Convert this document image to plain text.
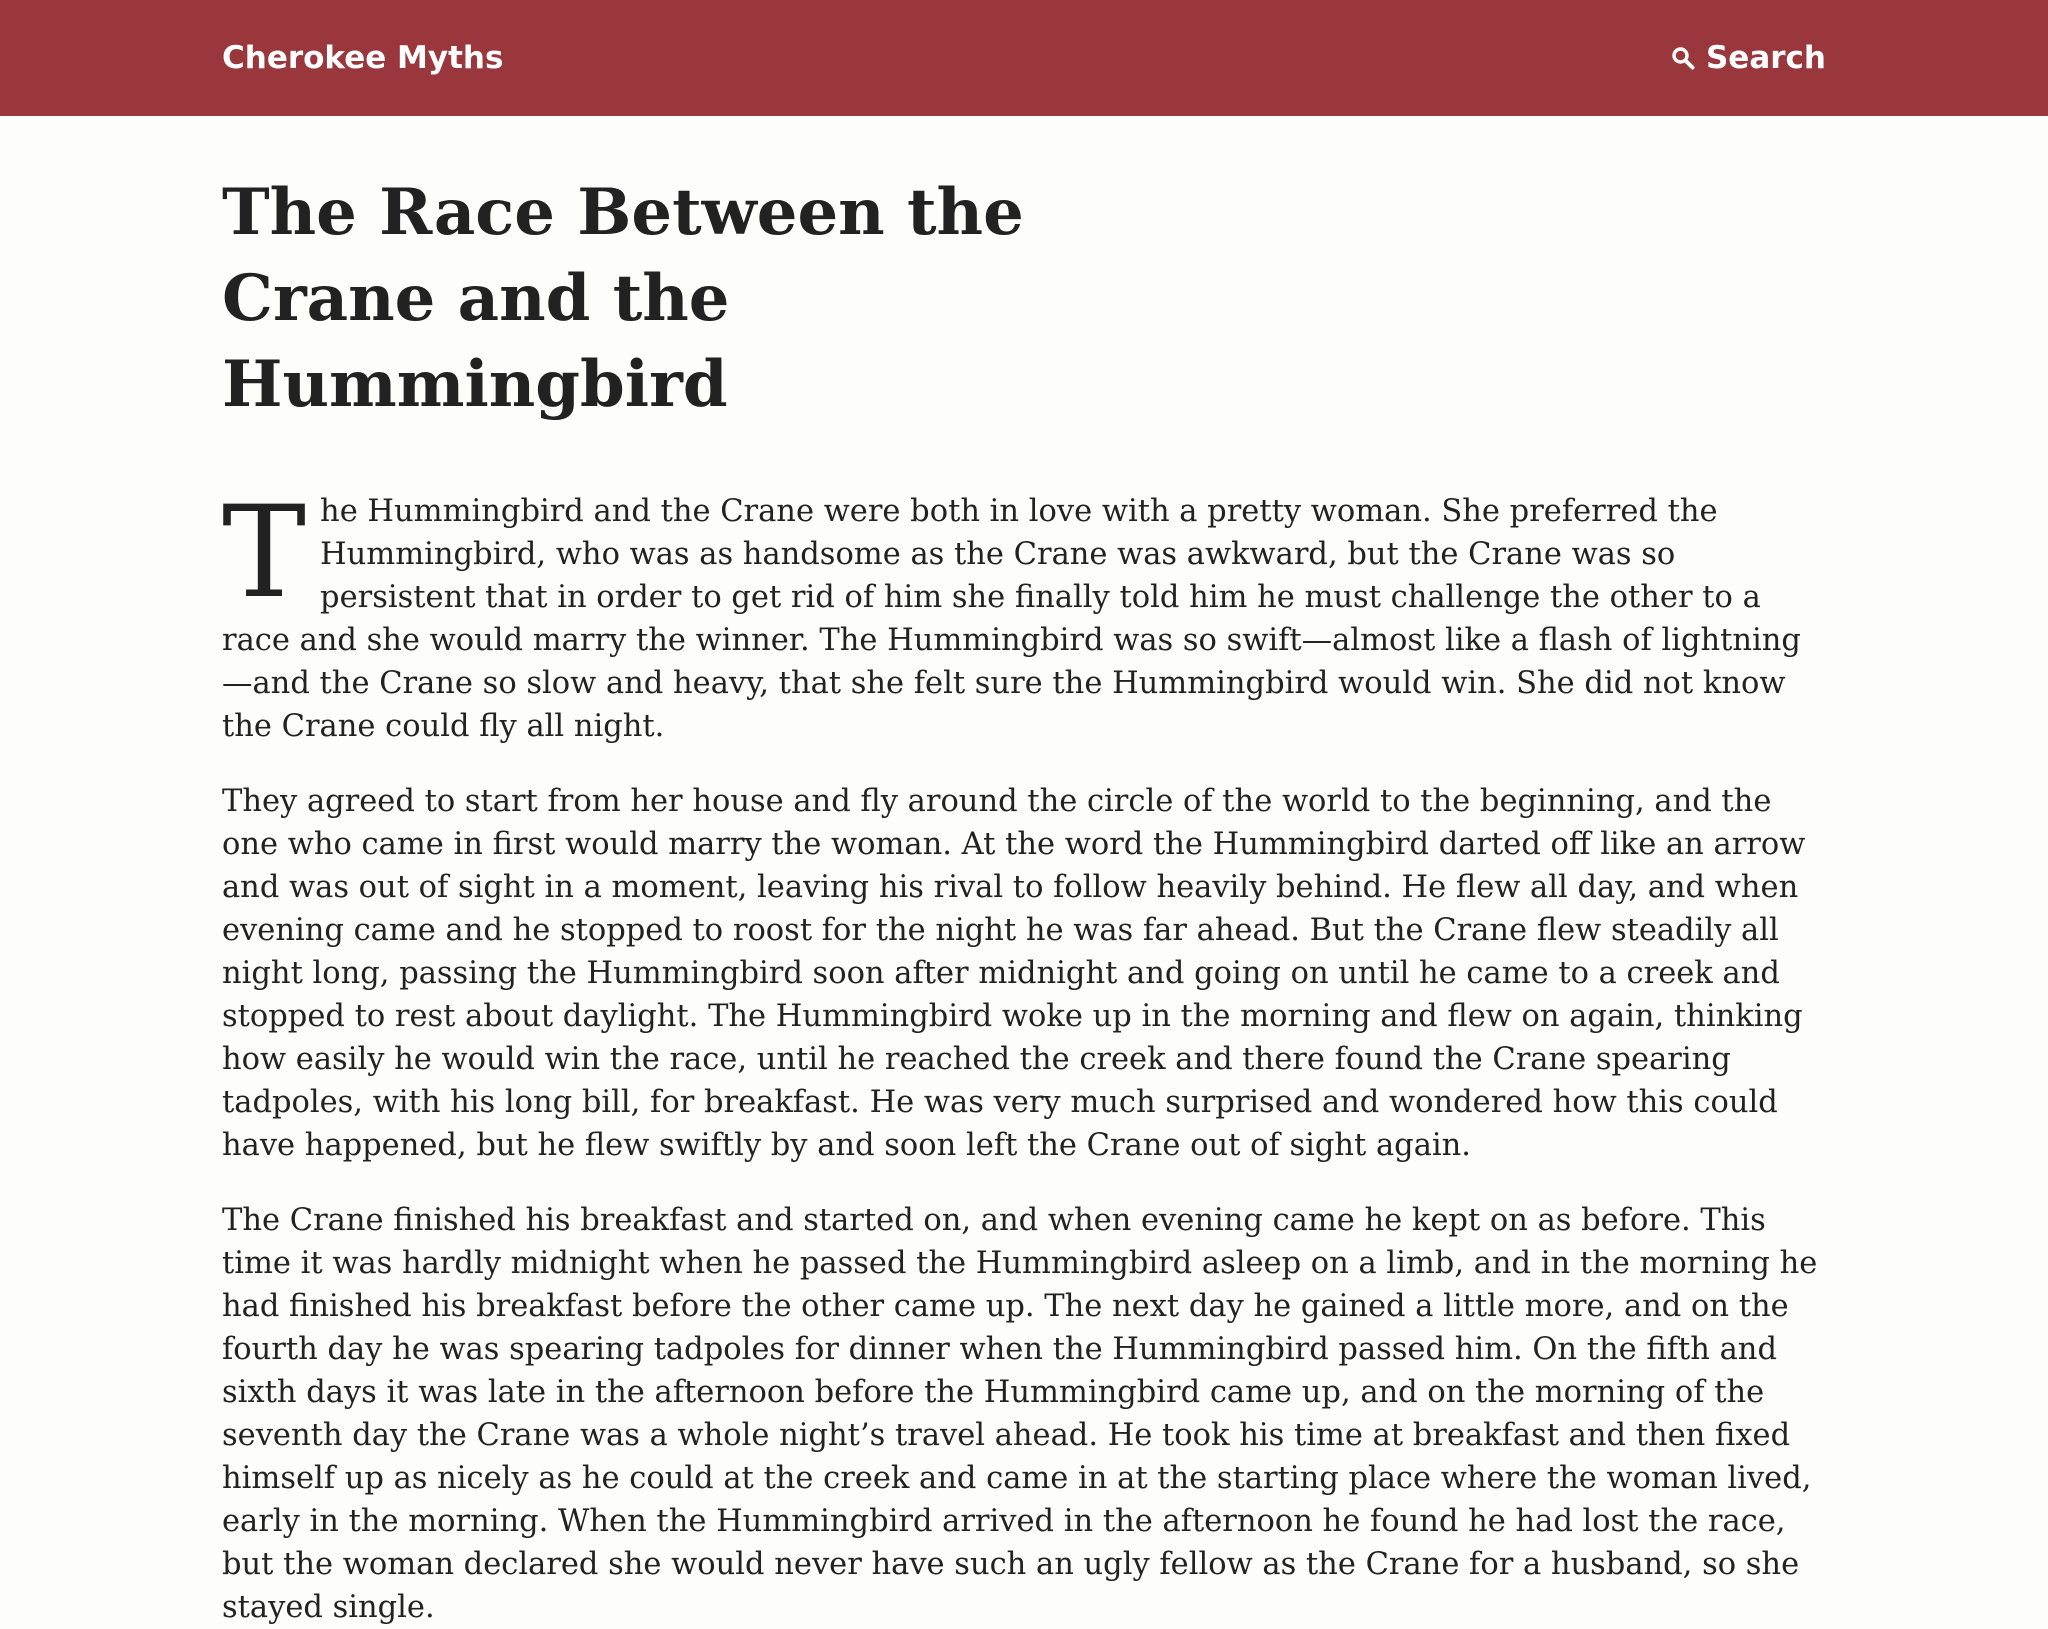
Cherokee Myths	Search
The Race Between the Crane and the Hummingbird

The Hummingbird and the Crane were both in love with a pretty woman. She preferred the Hummingbird, who was as handsome as the Crane was awkward, but the Crane was so persistent that in order to get rid of him she finally told him he must challenge the other to a race and she would marry the winner. The Hummingbird was so swift—almost like a flash of lightning—and the Crane so slow and heavy, that she felt sure the Hummingbird would win. She did not know the Crane could fly all night.

They agreed to start from her house and fly around the circle of the world to the beginning, and the one who came in first would marry the woman. At the word the Hummingbird darted off like an arrow and was out of sight in a moment, leaving his rival to follow heavily behind. He flew all day, and when evening came and he stopped to roost for the night he was far ahead. But the Crane flew steadily all night long, passing the Hummingbird soon after midnight and going on until he came to a creek and stopped to rest about daylight. The Hummingbird woke up in the morning and flew on again, thinking how easily he would win the race, until he reached the creek and there found the Crane spearing tadpoles, with his long bill, for breakfast. He was very much surprised and wondered how this could have happened, but he flew swiftly by and soon left the Crane out of sight again.

The Crane finished his breakfast and started on, and when evening came he kept on as before. This time it was hardly midnight when he passed the Hummingbird asleep on a limb, and in the morning he had finished his breakfast before the other came up. The next day he gained a little more, and on the fourth day he was spearing tadpoles for dinner when the Hummingbird passed him. On the fifth and sixth days it was late in the afternoon before the Hummingbird came up, and on the morning of the seventh day the Crane was a whole night’s travel ahead. He took his time at breakfast and then fixed himself up as nicely as he could at the creek and came in at the starting place where the woman lived, early in the morning. When the Hummingbird arrived in the afternoon he found he had lost the race, but the woman declared she would never have such an ugly fellow as the Crane for a husband, so she stayed single.
